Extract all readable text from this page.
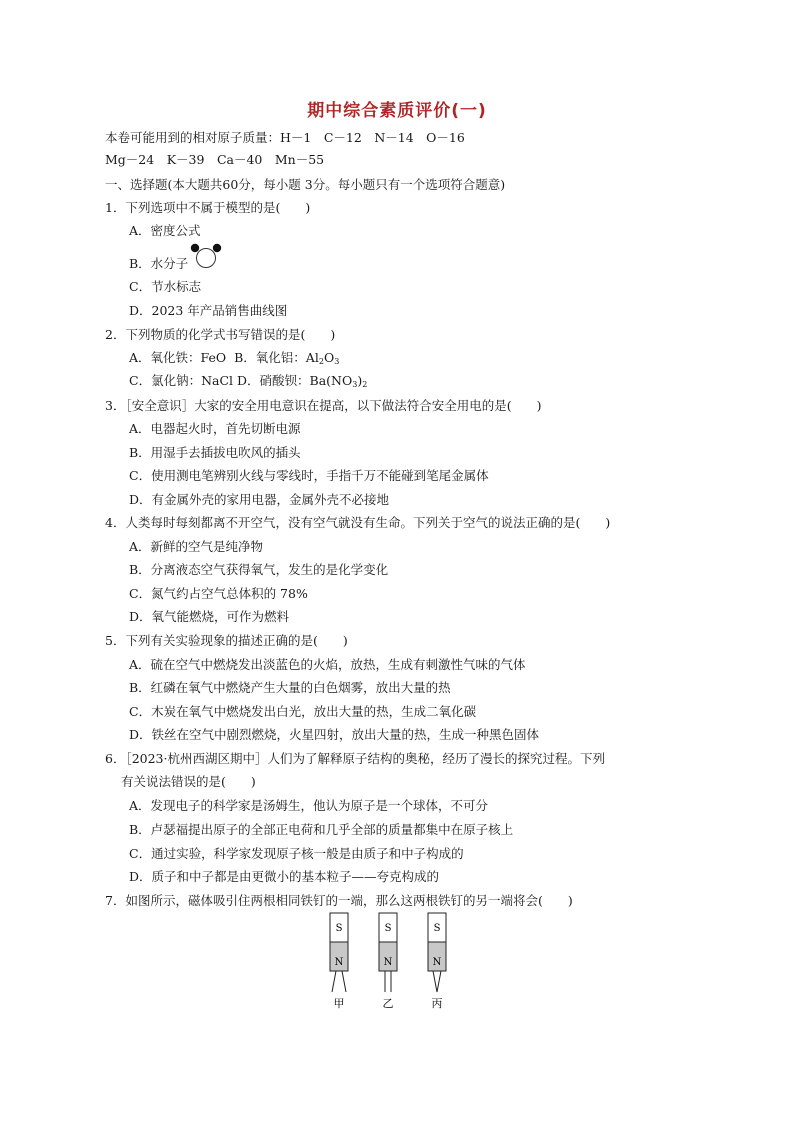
期中综合素质评价(一)
本卷可能用到的相对原子质量：H－1　C－12　N－14　O－16
Mg－24　K－39　Ca－40　Mn－55
一、选择题(本大题共60分，每小题 3分。每小题只有一个选项符合题意)
1．下列选项中不属于模型的是(　　)
A．密度公式
B．水分子
C．节水标志
D．2023 年产品销售曲线图
2．下列物质的化学式书写错误的是(　　)
A．氧化铁：FeO B．氧化铝：$Al_2O_3$
C．氯化钠：NaCl D．硝酸钡：$Ba(NO_3)_2$
3．［安全意识］大家的安全用电意识在提高，以下做法符合安全用电的是(　　)
A．电器起火时，首先切断电源
B．用湿手去插拔电吹风的插头
C．使用测电笔辨别火线与零线时，手指千万不能碰到笔尾金属体
D．有金属外壳的家用电器，金属外壳不必接地
4．人类每时每刻都离不开空气，没有空气就没有生命。下列关于空气的说法正确的是(　　)
A．新鲜的空气是纯净物
B．分离液态空气获得氧气，发生的是化学变化
C．氮气约占空气总体积的 78%
D．氧气能燃烧，可作为燃料
5．下列有关实验现象的描述正确的是(　　)
A．硫在空气中燃烧发出淡蓝色的火焰，放热，生成有刺激性气味的气体
B．红磷在氧气中燃烧产生大量的白色烟雾，放出大量的热
C．木炭在氧气中燃烧发出白光，放出大量的热，生成二氧化碳
D．铁丝在空气中剧烈燃烧，火星四射，放出大量的热，生成一种黑色固体
6．［2023·杭州西湖区期中］人们为了解释原子结构的奥秘，经历了漫长的探究过程。下列
有关说法错误的是(　　)
A．发现电子的科学家是汤姆生，他认为原子是一个球体，不可分
B．卢瑟福提出原子的全部正电荷和几乎全部的质量都集中在原子核上
C．通过实验，科学家发现原子核一般是由质子和中子构成的
D．质子和中子都是由更微小的基本粒子——夸克构成的
7．如图所示，磁体吸引住两根相同铁钉的一端，那么这两根铁钉的另一端将会(　　)
S
N
甲
S
N
乙
S
N
丙
